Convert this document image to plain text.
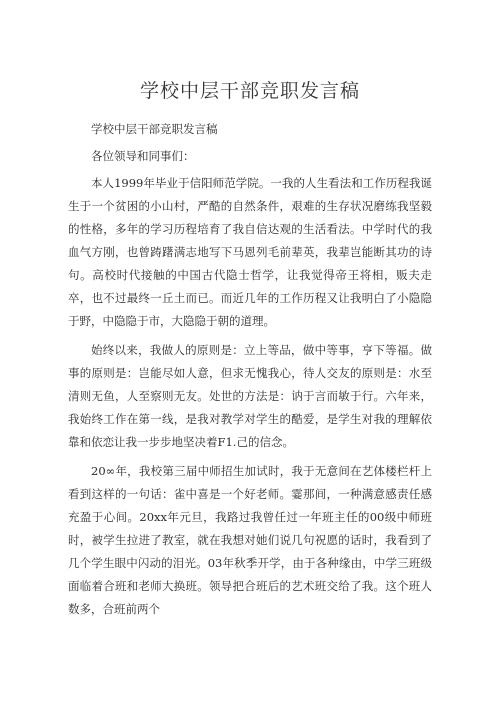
学校中层干部竞职发言稿

学校中层干部竞职发言稿

各位领导和同事们：

本人1999年毕业于信阳师范学院。一我的人生看法和工作历程我诞生于一个贫困的小山村，严酷的自然条件，艰难的生存状况磨练我坚毅的性格，多年的学习历程培育了我自信达观的生活看法。中学时代的我血气方刚，也曾踌躇满志地写下马恩列毛前辈英，我辈岂能断其功的诗句。高校时代接触的中国古代隐士哲学，让我觉得帝王将相，贩夫走卒，也不过最终一丘土而已。而近几年的工作历程又让我明白了小隐隐于野，中隐隐于市，大隐隐于朝的道理。

始终以来，我做人的原则是：立上等品，做中等事，亨下等福。做事的原则是：岂能尽如人意，但求无愧我心，待人交友的原则是：水至清则无鱼，人至察则无友。处世的方法是：讷于言而敏于行。六年来，我始终工作在第一线，是我对教学对学生的酷爱，是学生对我的理解依靠和依恋让我一步步地坚决着F1.己的信念。

20∞年，我校第三届中师招生加试时，我于无意间在艺体楼栏杆上看到这样的一句话：雀中喜是一个好老师。霎那间，一种满意感责任感充盈于心间。20xx年元旦，我路过我曾任过一年班主任的00级中师班时，被学生拉进了教室，就在我想对她们说几句祝愿的话时，我看到了几个学生眼中闪动的泪光。03年秋季开学，由于各种缘由，中学三班级面临着合班和老师大换班。领导把合班后的艺术班交给了我。这个班人数多，合班前两个
